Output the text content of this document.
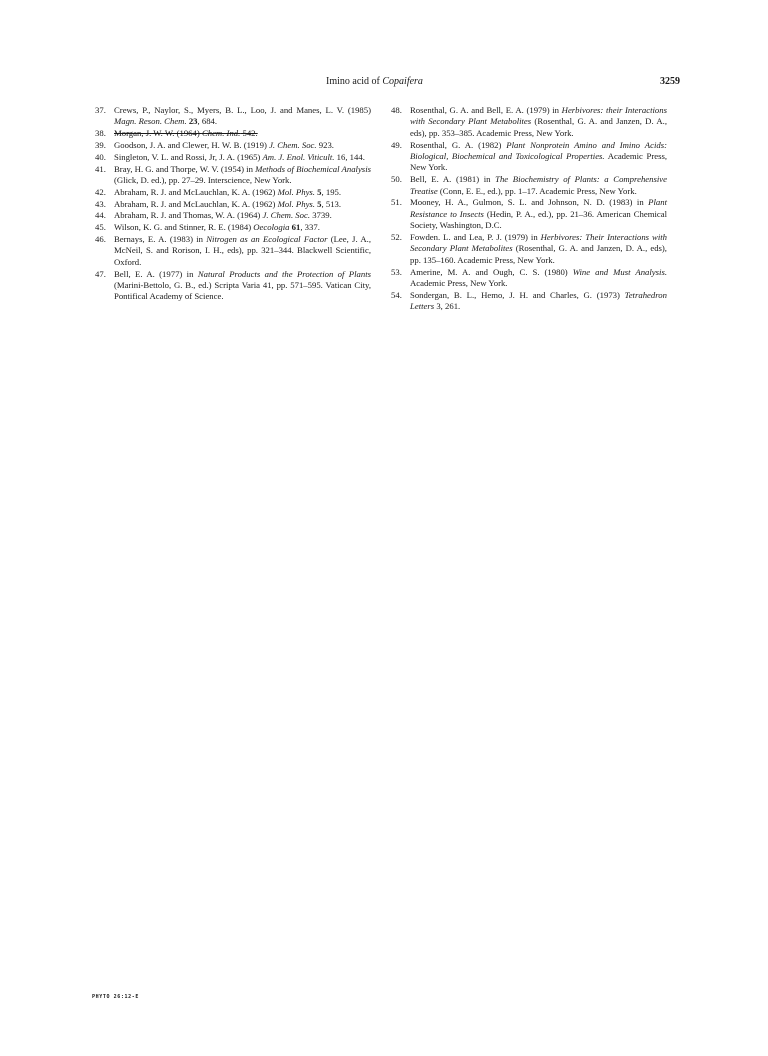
Imino acid of Copaifera	3259
37. Crews, P., Naylor, S., Myers, B. L., Loo, J. and Manes, L. V. (1985) Magn. Reson. Chem. 23, 684.
38. Morgan, J. W. W. (1964) Chem. Ind. 542.
39. Goodson, J. A. and Clewer, H. W. B. (1919) J. Chem. Soc. 923.
40. Singleton, V. L. and Rossi, Jr, J. A. (1965) Am. J. Enol. Viticult. 16, 144.
41. Bray, H. G. and Thorpe, W. V. (1954) in Methods of Biochemical Analysis (Glick, D. ed.), pp. 27–29. Interscience, New York.
42. Abraham, R. J. and McLauchlan, K. A. (1962) Mol. Phys. 5, 195.
43. Abraham, R. J. and McLauchlan, K. A. (1962) Mol. Phys. 5, 513.
44. Abraham, R. J. and Thomas, W. A. (1964) J. Chem. Soc. 3739.
45. Wilson, K. G. and Stinner, R. E. (1984) Oecologia 61, 337.
46. Bernays, E. A. (1983) in Nitrogen as an Ecological Factor (Lee, J. A., McNeil, S. and Rorison, I. H., eds), pp. 321–344. Blackwell Scientific, Oxford.
47. Bell, E. A. (1977) in Natural Products and the Protection of Plants (Marini-Bettolo, G. B., ed.) Scripta Varia 41, pp. 571–595. Vatican City, Pontifical Academy of Science.
48. Rosenthal, G. A. and Bell, E. A. (1979) in Herbivores: their Interactions with Secondary Plant Metabolites (Rosenthal, G. A. and Janzen, D. A., eds), pp. 353–385. Academic Press, New York.
49. Rosenthal, G. A. (1982) Plant Nonprotein Amino and Imino Acids: Biological, Biochemical and Toxicological Properties. Academic Press, New York.
50. Bell, E. A. (1981) in The Biochemistry of Plants: a Comprehensive Treatise (Conn, E. E., ed.), pp. 1–17. Academic Press, New York.
51. Mooney, H. A., Gulmon, S. L. and Johnson, N. D. (1983) in Plant Resistance to Insects (Hedin, P. A., ed.), pp. 21–36. American Chemical Society, Washington, D.C.
52. Fowden. L. and Lea, P. J. (1979) in Herbivores: Their Interactions with Secondary Plant Metabolites (Rosenthal, G. A. and Janzen, D. A., eds), pp. 135–160. Academic Press, New York.
53. Amerine, M. A. and Ough, C. S. (1980) Wine and Must Analysis. Academic Press, New York.
54. Sondergan, B. L., Hemo, J. H. and Charles, G. (1973) Tetrahedron Letters 3, 261.
PHYTO 26:12-E
